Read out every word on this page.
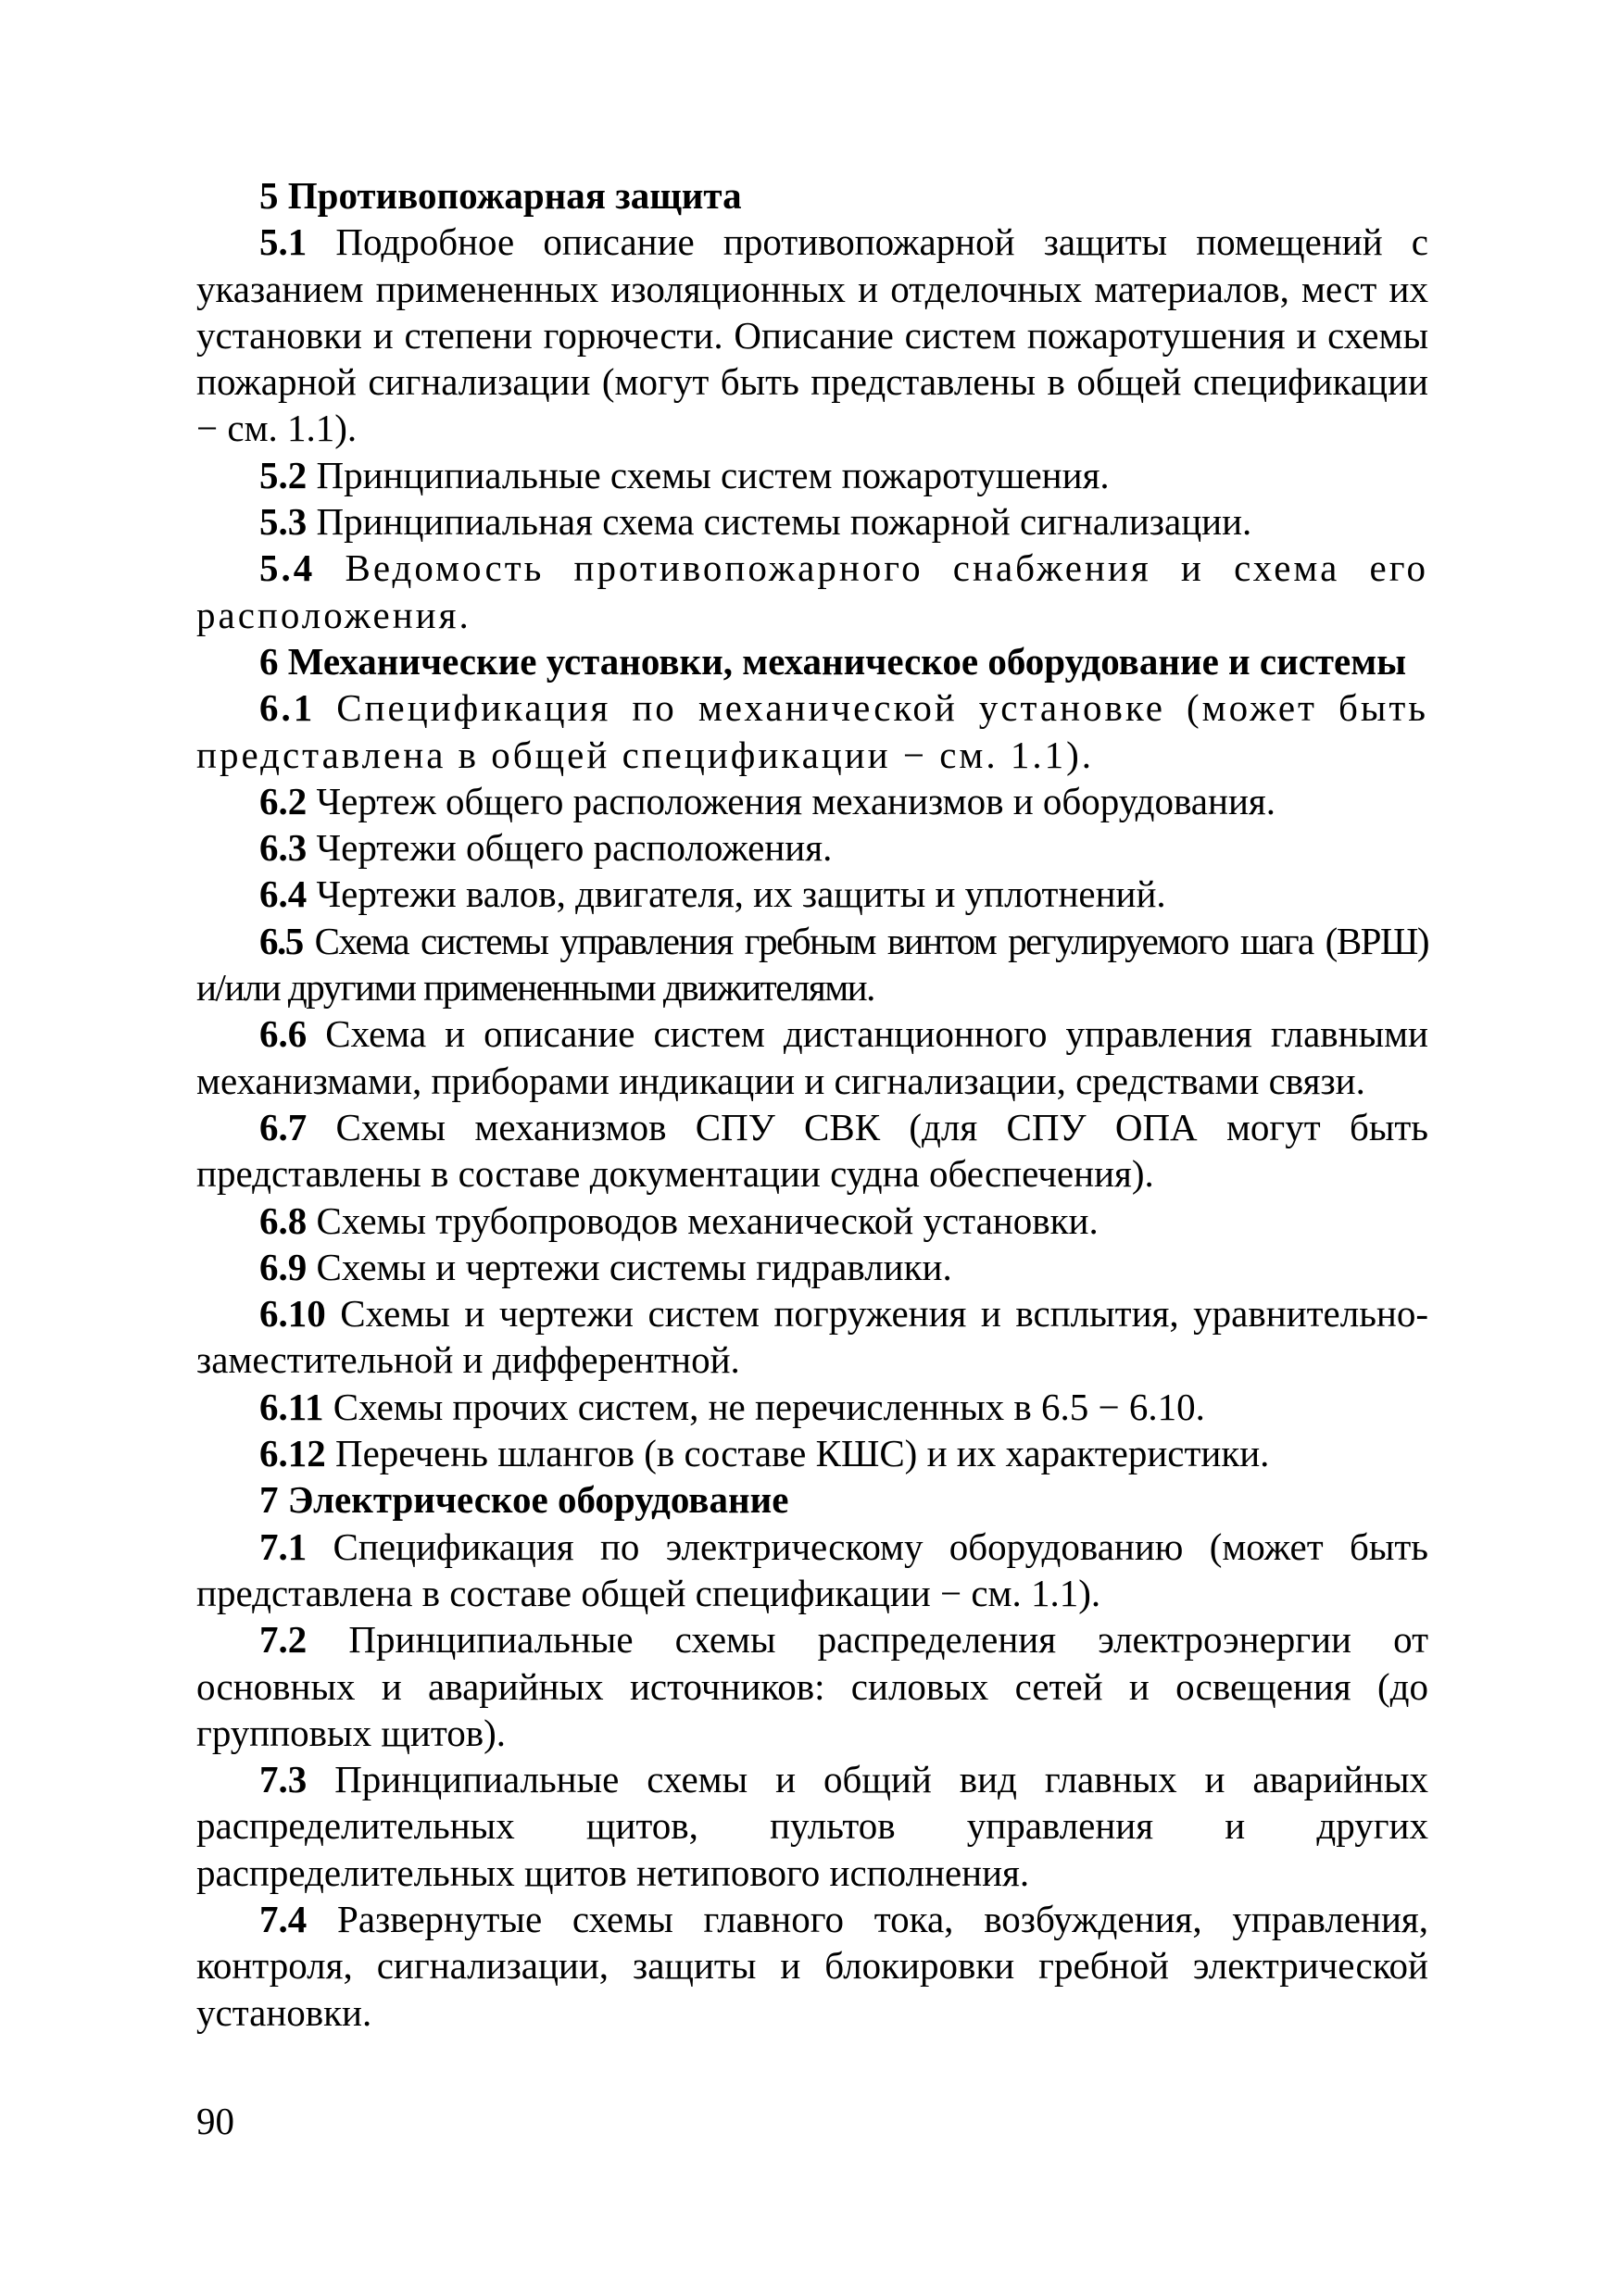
5 Противопожарная защита

5.1 Подробное описание противопожарной защиты помещений с указанием примененных изоляционных и отделочных материалов, мест их установки и степени горючести. Описание систем пожаротушения и схемы пожарной сигнализации (могут быть представлены в общей спецификации − см. 1.1).

5.2 Принципиальные схемы систем пожаротушения.

5.3 Принципиальная схема системы пожарной сигнализации.

5.4 Ведомость противопожарного снабжения и схема его расположения.

6 Механические установки, механическое оборудование и системы

6.1 Спецификация по механической установке (может быть представлена в общей спецификации − см. 1.1).

6.2 Чертеж общего расположения механизмов и оборудования.

6.3 Чертежи общего расположения.

6.4 Чертежи валов, двигателя, их защиты и уплотнений.

6.5 Схема системы управления гребным винтом регулируемого шага (ВРШ) и/или другими примененными движителями.

6.6 Схема и описание систем дистанционного управления главными механизмами, приборами индикации и сигнализации, средствами связи.

6.7 Схемы механизмов СПУ СВК (для СПУ ОПА могут быть представлены в составе документации судна обеспечения).

6.8 Схемы трубопроводов механической установки.

6.9 Схемы и чертежи системы гидравлики.

6.10 Схемы и чертежи систем погружения и всплытия, уравнительно-заместительной и дифферентной.

6.11 Схемы прочих систем, не перечисленных в 6.5 − 6.10.

6.12 Перечень шлангов (в составе КШС) и их характеристики.

7 Электрическое оборудование

7.1 Спецификация по электрическому оборудованию (может быть представлена в составе общей спецификации − см. 1.1).

7.2 Принципиальные схемы распределения электроэнергии от основных и аварийных источников: силовых сетей и освещения (до групповых щитов).

7.3 Принципиальные схемы и общий вид главных и аварийных распределительных щитов, пультов управления и других распределительных щитов нетипового исполнения.

7.4 Развернутые схемы главного тока, возбуждения, управления, контроля, сигнализации, защиты и блокировки гребной электрической установки.

90
